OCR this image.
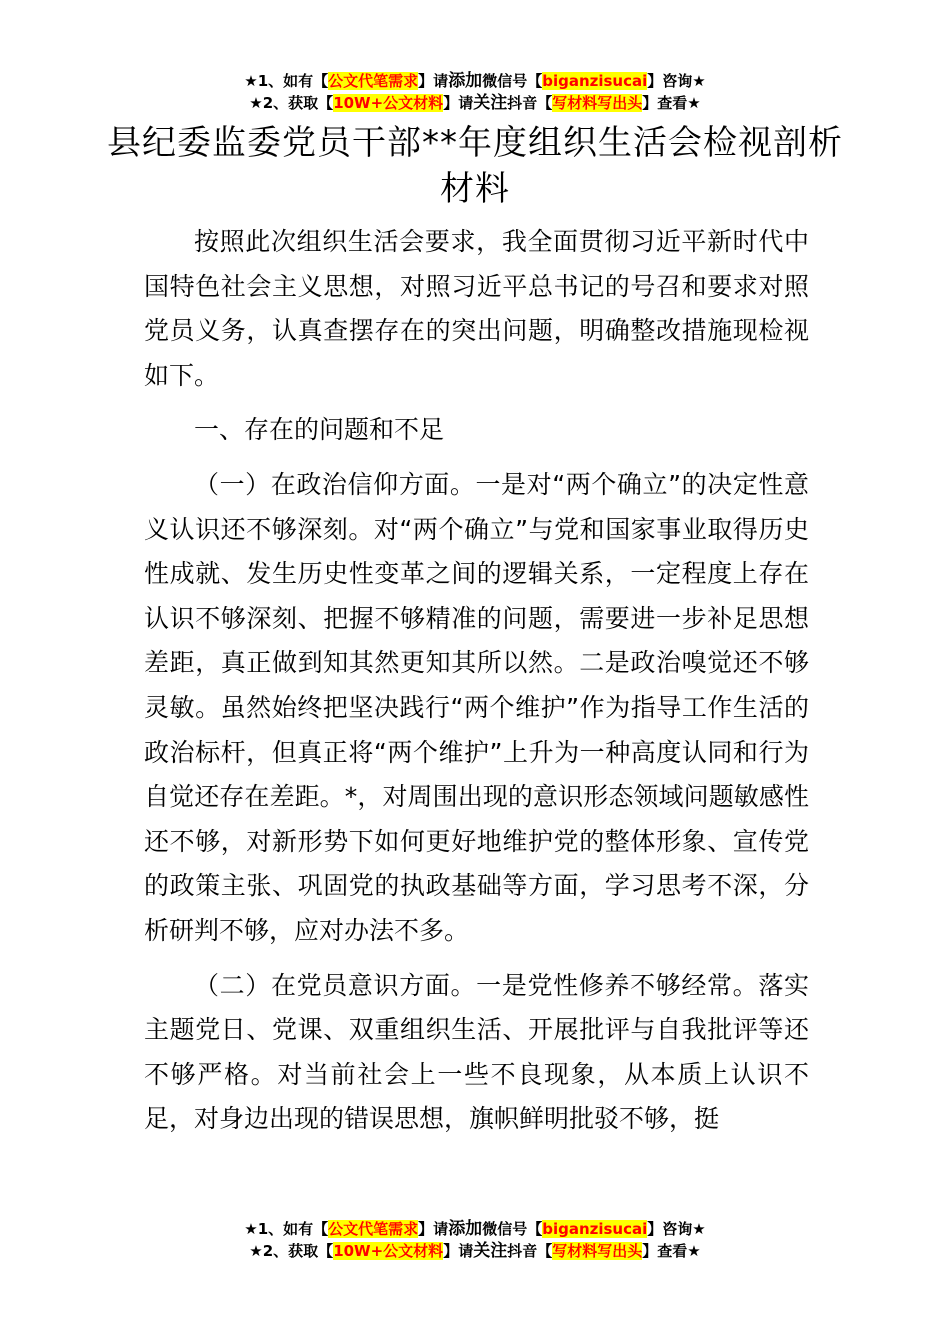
★1、如有【公文代笔需求】请添加微信号【biganzisucai】咨询★
★2、获取【10W+公文材料】请关注抖音【写材料写出头】查看★
县纪委监委党员干部**年度组织生活会检视剖析材料

按照此次组织生活会要求，我全面贯彻习近平新时代中国特色社会主义思想，对照习近平总书记的号召和要求对照党员义务，认真查摆存在的突出问题，明确整改措施现检视如下。

一、存在的问题和不足

（一）在政治信仰方面。一是对“两个确立”的决定性意义认识还不够深刻。对“两个确立”与党和国家事业取得历史性成就、发生历史性变革之间的逻辑关系，一定程度上存在认识不够深刻、把握不够精准的问题，需要进一步补足思想差距，真正做到知其然更知其所以然。二是政治嗅觉还不够灵敏。虽然始终把坚决践行“两个维护”作为指导工作生活的政治标杆，但真正将“两个维护”上升为一种高度认同和行为自觉还存在差距。*，对周围出现的意识形态领域问题敏感性还不够，对新形势下如何更好地维护党的整体形象、宣传党的政策主张、巩固党的执政基础等方面，学习思考不深，分析研判不够，应对办法不多。

（二）在党员意识方面。一是党性修养不够经常。落实主题党日、党课、双重组织生活、开展批评与自我批评等还不够严格。对当前社会上一些不良现象，从本质上认识不足，对身边出现的错误思想，旗帜鲜明批驳不够，挺

★1、如有【公文代笔需求】请添加微信号【biganzisucai】咨询★
★2、获取【10W+公文材料】请关注抖音【写材料写出头】查看★
